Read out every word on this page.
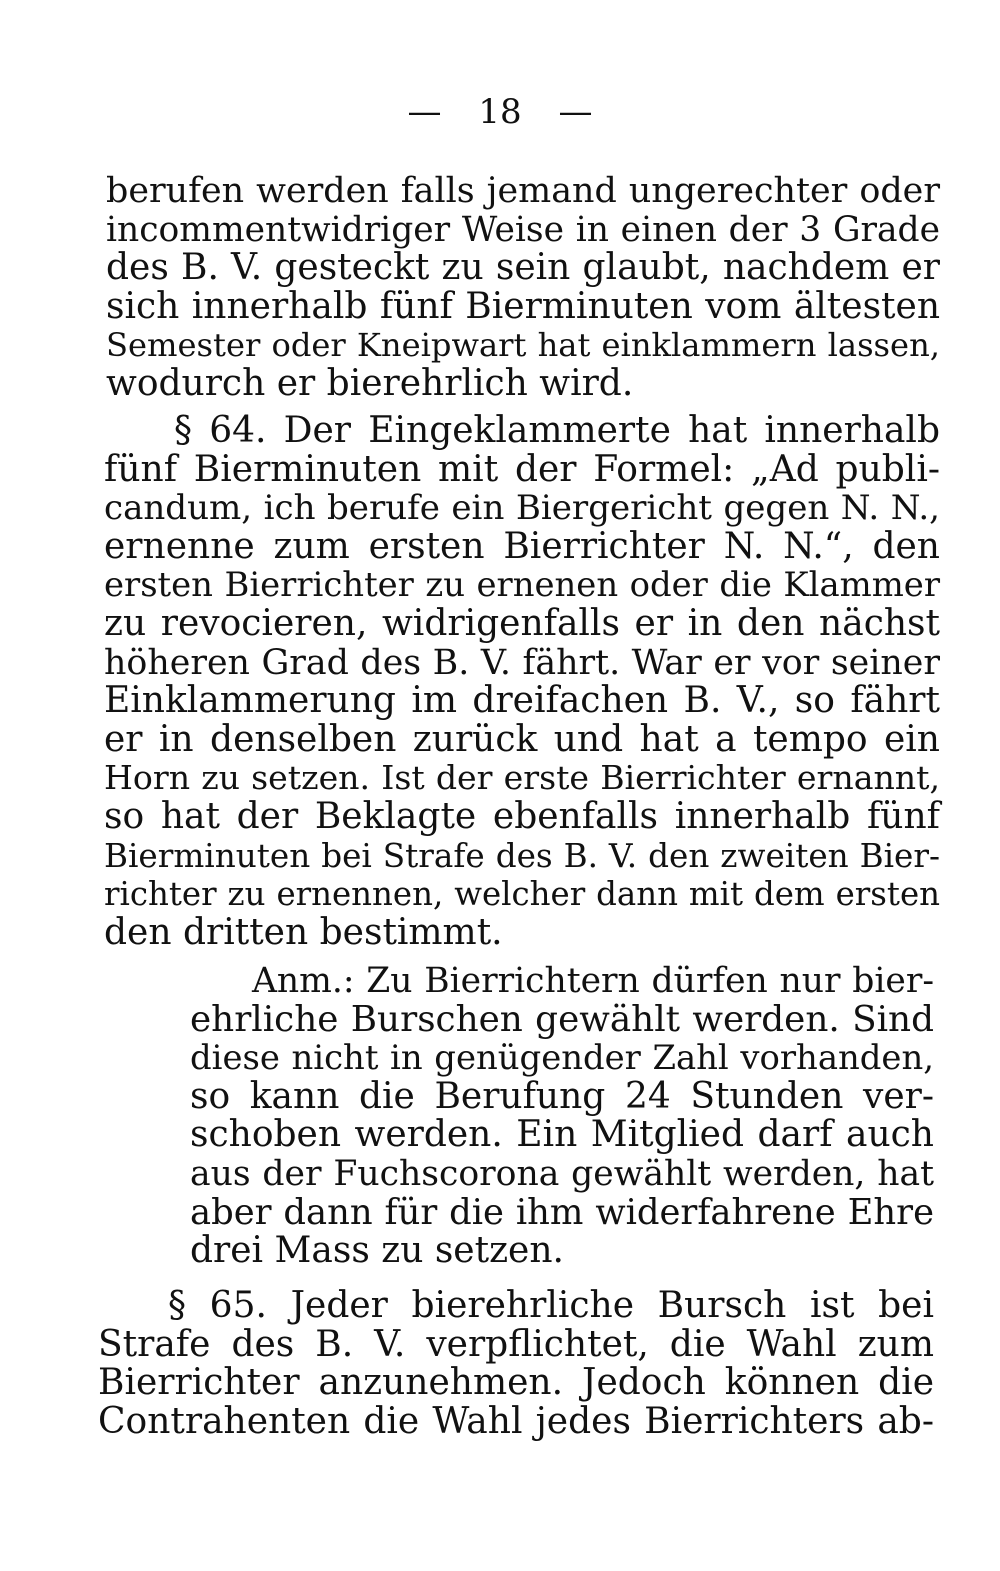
— 18 —
berufen werden falls jemand ungerechter oder
incommentwidriger Weise in einen der 3 Grade
des B. V. gesteckt zu sein glaubt, nachdem er
sich innerhalb fünf Bierminuten vom ältesten
Semester oder Kneipwart hat einklammern lassen,
wodurch er bierehrlich wird.
§ 64. Der Eingeklammerte hat innerhalb
fünf Bierminuten mit der Formel: „Ad publi-
candum, ich berufe ein Biergericht gegen N. N.,
ernenne zum ersten Bierrichter N. N.“, den
ersten Bierrichter zu ernenen oder die Klammer
zu revocieren, widrigenfalls er in den nächst
höheren Grad des B. V. fährt. War er vor seiner
Einklammerung im dreifachen B. V., so fährt
er in denselben zurück und hat a tempo ein
Horn zu setzen. Ist der erste Bierrichter ernannt,
so hat der Beklagte ebenfalls innerhalb fünf
Bierminuten bei Strafe des B. V. den zweiten Bier-
richter zu ernennen, welcher dann mit dem ersten
den dritten bestimmt.
Anm.: Zu Bierrichtern dürfen nur bier-
ehrliche Burschen gewählt werden. Sind
diese nicht in genügender Zahl vorhanden,
so kann die Berufung 24 Stunden ver-
schoben werden. Ein Mitglied darf auch
aus der Fuchscorona gewählt werden, hat
aber dann für die ihm widerfahrene Ehre
drei Mass zu setzen.
§ 65. Jeder bierehrliche Bursch ist bei
Strafe des B. V. verpflichtet, die Wahl zum
Bierrichter anzunehmen. Jedoch können die
Contrahenten die Wahl jedes Bierrichters ab-
